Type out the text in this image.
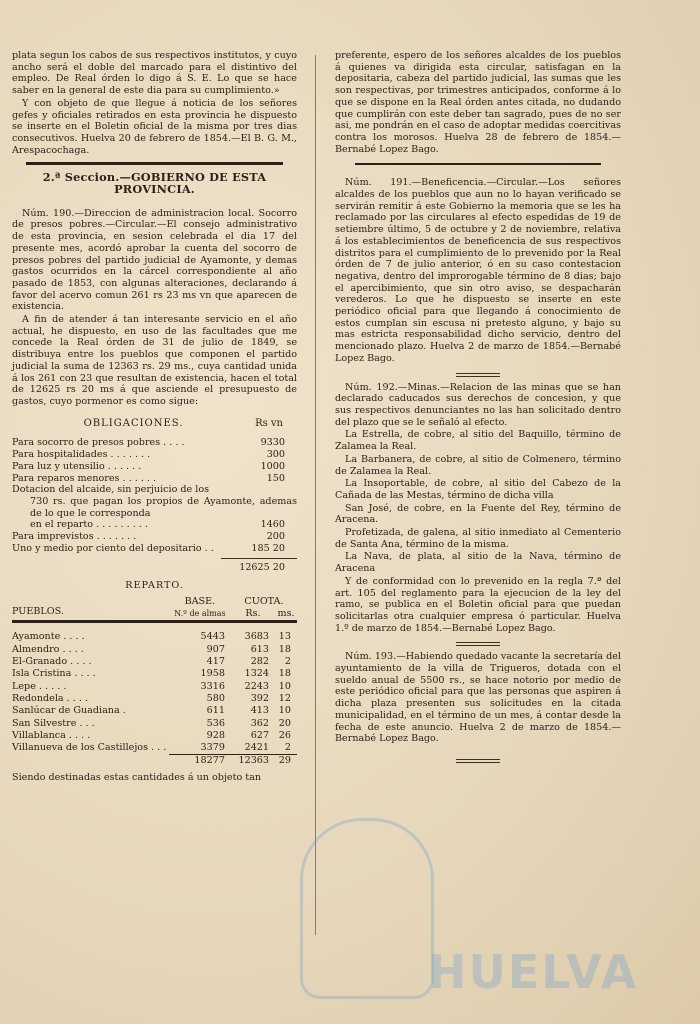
plata segun los cabos de sus respectivos institutos, y cuyo ancho será el doble del marcado para el distintivo del empleo. De Real órden lo digo á S. E. Lo que se hace saber en la general de este dia para su cumplimiento.»

Y con objeto de que llegue á noticia de los señores gefes y oficiales retirados en esta provincia he dispuesto se inserte en el Boletin oficial de la misma por tres dias consecutivos. Huelva 20 de febrero de 1854.—El B. G. M., Arespacochaga.

2.ª Seccion.—GOBIERNO DE ESTA PROVINCIA.

Núm. 190.—Direccion de administracion local. Socorro de presos pobres.—Circular.—El consejo administrativo de esta provincia, en sesion celebrada el dia 17 del presente mes, acordó aprobar la cuenta del socorro de presos pobres del partido judicial de Ayamonte, y demas gastos ocurridos en la cárcel correspondiente al año pasado de 1853, con algunas alteraciones, declarando á favor del acervo comun 261 rs 23 ms vn que aparecen de existencia.

A fin de atender á tan interesante servicio en el año actual, he dispuesto, en uso de las facultades que me concede la Real órden de 31 de julio de 1849, se distribuya entre los pueblos que componen el partido judicial la suma de 12363 rs. 29 ms., cuya cantidad unida á los 261 con 23 que resultan de existencia, hacen el total de 12625 rs 20 ms á que asciende el presupuesto de gastos, cuyo pormenor es como sigue:

OBLIGACIONES.	Rs vn
Para socorro de presos pobres . . . .	9330
Para hospitalidades . . . . . . .	300
Para luz y utensilio . . . . . .	1000
Para reparos menores . . . . . .	150
Dotacion del alcaide, sin perjuicio de los
730 rs. que pagan los propios de Ayamonte, ademas de lo que le corresponda
en el reparto . . . . . . . . .	1460
Para imprevistos . . . . . . .	200
Uno y medio por ciento del depositario . .	185 20
12625 20
REPARTO.
PUEBLOS.	BASE.	CUOTA.	
	N.º de almas	Rs.	ms.

Ayamonte . . . .	5443	3683	13
Almendro . . . .	907	613	18
El-Granado . . . .	417	282	2
Isla Cristina . . . .	1958	1324	18
Lepe . . . . .	3316	2243	10
Redondela . . . .	580	392	12
Sanlúcar de Guadiana .	611	413	10
San Silvestre . . .	536	362	20
Villablanca . . . .	928	627	26
Villanueva de los Castillejos . . .	3379	2421	2
	18277	12363	29

Siendo destinadas estas cantidades á un objeto tan

preferente, espero de los señores alcaldes de los pueblos á quienes va dirigida esta circular, satisfagan en la depositaria, cabeza del partido judicial, las sumas que les son respectivas, por trimestres anticipados, conforme á lo que se dispone en la Real órden antes citada, no dudando que cumplirán con este deber tan sagrado, pues de no ser asi, me pondrán en el caso de adoptar medidas coercitivas contra los morosos. Huelva 28 de febrero de 1854.—Bernabé Lopez Bago.

Núm. 191.—Beneficencia.—Circular.—Los señores alcaldes de los pueblos que aun no lo hayan verificado se servirán remitir á este Gobierno la memoria que se les ha reclamado por las circulares al efecto espedidas de 19 de setiembre último, 5 de octubre y 2 de noviembre, relativa á los establecimientos de beneficencia de sus respectivos distritos para el cumplimiento de lo prevenido por la Real órden de 7 de julio anterior, ó en su caso contestacion negativa, dentro del improrogable término de 8 dias; bajo el apercibimiento, que sin otro aviso, se despacharán verederos. Lo que he dispuesto se inserte en este periódico oficial para que llegando á conocimiento de estos cumplan sin escusa ni pretesto alguno, y bajo su mas estricta responsabilidad dicho servicio, dentro del mencionado plazo. Huelva 2 de marzo de 1854.—Bernabé Lopez Bago.

Núm. 192.—Minas.—Relacion de las minas que se han declarado caducados sus derechos de concesion, y que sus respectivos denunciantes no las han solicitado dentro del plazo que se le señaló al efecto.

La Estrella, de cobre, al sitio del Baquillo, término de Zalamea la Real.

La Barbanera, de cobre, al sitio de Colmenero, término de Zalamea la Real.

La Insoportable, de cobre, al sitio del Cabezo de la Cañada de las Mestas, término de dicha villa

San José, de cobre, en la Fuente del Rey, término de Aracena.

Profetizada, de galena, al sitio inmediato al Cementerio de Santa Ana, término de la misma.

La Nava, de plata, al sitio de la Nava, término de Aracena

Y de conformidad con lo prevenido en la regla 7.ª del art. 105 del reglamento para la ejecucion de la ley del ramo, se publica en el Boletin oficial para que puedan solicitarlas otra cualquier empresa ó particular. Huelva 1.º de marzo de 1854.—Bernabé Lopez Bago.

Núm. 193.—Habiendo quedado vacante la secretaría del ayuntamiento de la villa de Trigueros, dotada con el sueldo anual de 5500 rs., se hace notorio por medio de este periódico oficial para que las personas que aspiren á dicha plaza presenten sus solicitudes en la citada municipalidad, en el término de un mes, á contar desde la fecha de este anuncio. Huelva 2 de marzo de 1854.—Bernabé Lopez Bago.

HUELVA
